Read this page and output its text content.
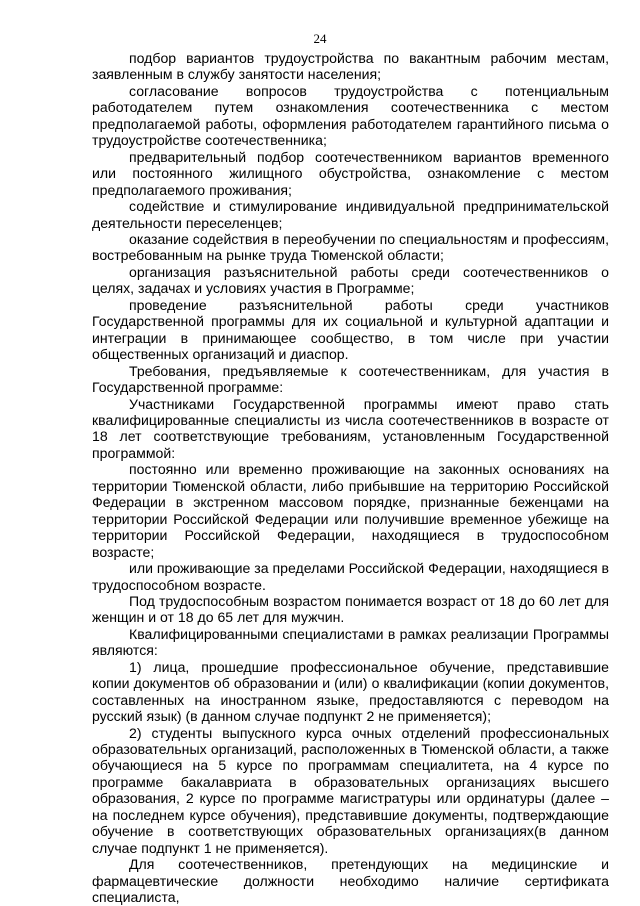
24

подбор вариантов трудоустройства по вакантным рабочим местам, заявленным в службу занятости населения;

согласование вопросов трудоустройства с потенциальным работодателем путем ознакомления соотечественника с местом предполагаемой работы, оформления работодателем гарантийного письма о трудоустройстве соотечественника;

предварительный подбор соотечественником вариантов временного или постоянного жилищного обустройства, ознакомление с местом предполагаемого проживания;

содействие и стимулирование индивидуальной предпринимательской деятельности переселенцев;

оказание содействия в переобучении по специальностям и профессиям, востребованным на рынке труда Тюменской области;

организация разъяснительной работы среди соотечественников о целях, задачах и условиях участия в Программе;

проведение разъяснительной работы среди участников Государственной программы для их социальной и культурной адаптации и интеграции в принимающее сообщество, в том числе при участии общественных организаций и диаспор.

Требования, предъявляемые к соотечественникам, для участия в Государственной программе:

Участниками Государственной программы имеют право стать квалифицированные специалисты из числа соотечественников в возрасте от 18 лет соответствующие требованиям, установленным Государственной программой:

постоянно или временно проживающие на законных основаниях на территории Тюменской области, либо прибывшие на территорию Российской Федерации в экстренном массовом порядке, признанные беженцами на территории Российской Федерации или получившие временное убежище на территории Российской Федерации, находящиеся в трудоспособном возрасте;

или проживающие за пределами Российской Федерации, находящиеся в трудоспособном возрасте.

Под трудоспособным возрастом понимается возраст от 18 до 60 лет для женщин и от 18 до 65 лет для мужчин.

Квалифицированными специалистами в рамках реализации Программы являются:

1) лица, прошедшие профессиональное обучение, представившие копии документов об образовании и (или) о квалификации (копии документов, составленных на иностранном языке, предоставляются с переводом на русский язык) (в данном случае подпункт 2 не применяется);

2) студенты выпускного курса очных отделений профессиональных образовательных организаций, расположенных в Тюменской области, а также обучающиеся на 5 курсе по программам специалитета, на 4 курсе по программе бакалавриата в образовательных организациях высшего образования, 2 курсе по программе магистратуры или ординатуры (далее – на последнем курсе обучения), представившие документы, подтверждающие обучение в соответствующих образовательных организациях(в данном случае подпункт 1 не применяется).

Для соотечественников, претендующих на медицинские и фармацевтические должности необходимо наличие сертификата специалиста,
